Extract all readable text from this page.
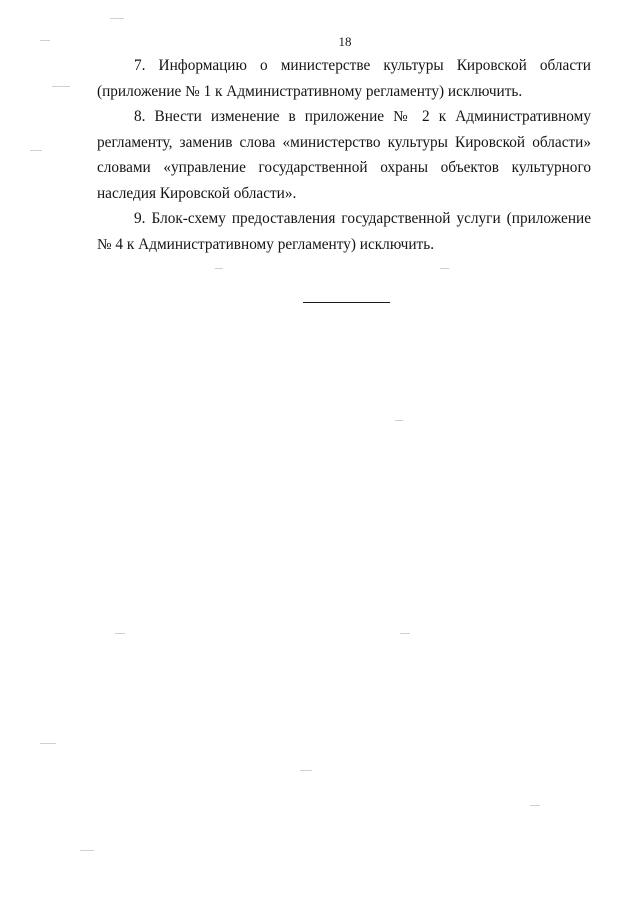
18

7. Информацию о министерстве культуры Кировской области (приложение № 1 к Административному регламенту) исключить.

8. Внести изменение в приложение № 2 к Административному регламенту, заменив слова «министерство культуры Кировской области» словами «управление государственной охраны объектов культурного наследия Кировской области».

9. Блок-схему предоставления государственной услуги (приложение № 4 к Административному регламенту) исключить.
